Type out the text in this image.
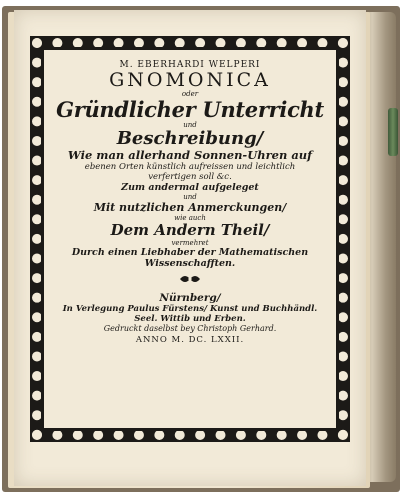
M. EBERHARDI WELPERI
GNOMONICA
oder
Gründlicher Unterricht
und
Beschreibung/
Wie man allerhand Sonnen-Uhren auf
ebenen Orten künstlich aufreissen und leichtlich
verfertigen soll &c.
Zum andermal aufgeleget
und
Mit nutzlichen Anmerckungen/
wie auch
Dem Andern Theil/
vermehret
Durch einen Liebhaber der Mathematischen
Wissenschafften.
Nürnberg/
In Verlegung Paulus Fürstens/ Kunst und Buchhändl.
Seel. Wittib und Erben.
Gedruckt daselbst bey Christoph Gerhard.
ANNO M. DC. LXXII.
